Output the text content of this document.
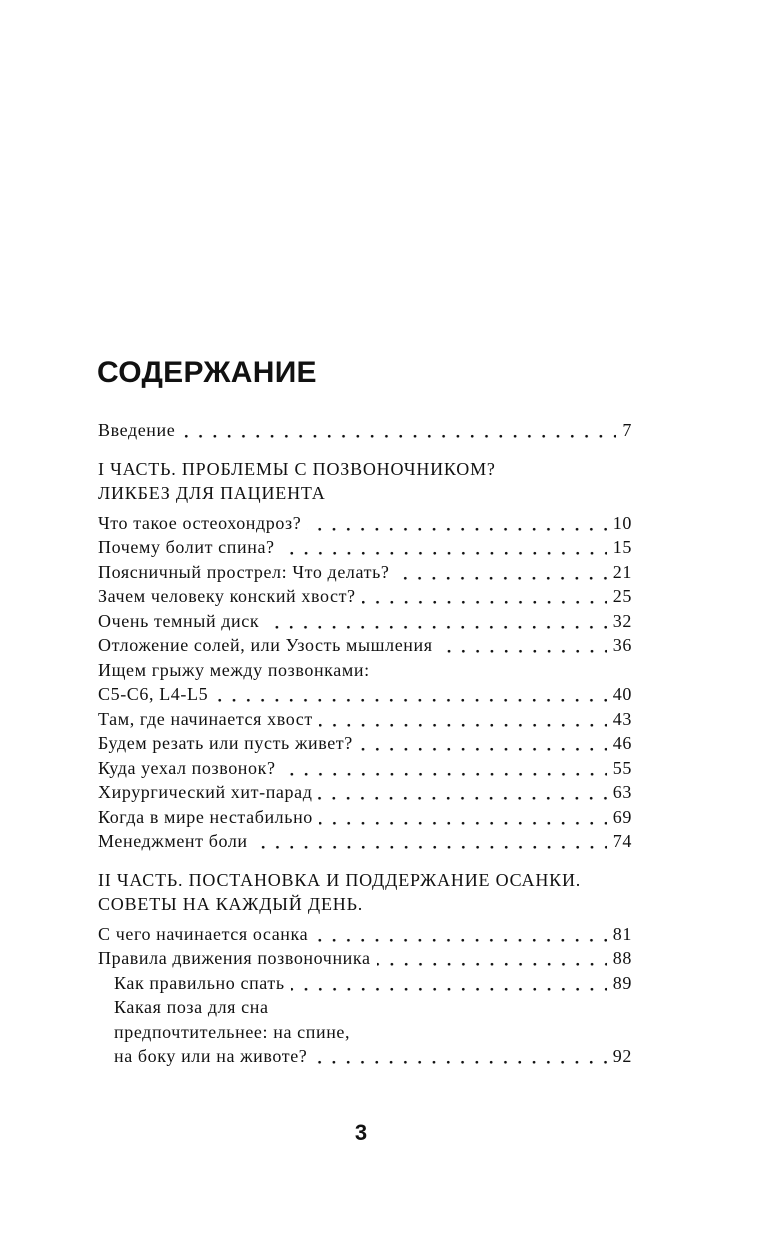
СОДЕРЖАНИЕ
Введение	7
I ЧАСТЬ. ПРОБЛЕМЫ С ПОЗВОНОЧНИКОМ?
ЛИКБЕЗ ДЛЯ ПАЦИЕНТА
Что такое остеохондроз?	10
Почему болит спина?	15
Поясничный прострел: Что делать?	21
Зачем человеку конский хвост?	25
Очень темный диск	32
Отложение солей, или Узость мышления	36
Ищем грыжу между позвонками:
C5-C6, L4-L5	40
Там, где начинается хвост	43
Будем резать или пусть живет?	46
Куда уехал позвонок?	55
Хирургический хит-парад	63
Когда в мире нестабильно	69
Менеджмент боли	74
II ЧАСТЬ. ПОСТАНОВКА И ПОДДЕРЖАНИЕ ОСАНКИ.
СОВЕТЫ НА КАЖДЫЙ ДЕНЬ.
С чего начинается осанка	81
Правила движения позвоночника	88
Как правильно спать	89
Какая поза для сна
предпочтительнее: на спине,
на боку или на животе?	92
3
